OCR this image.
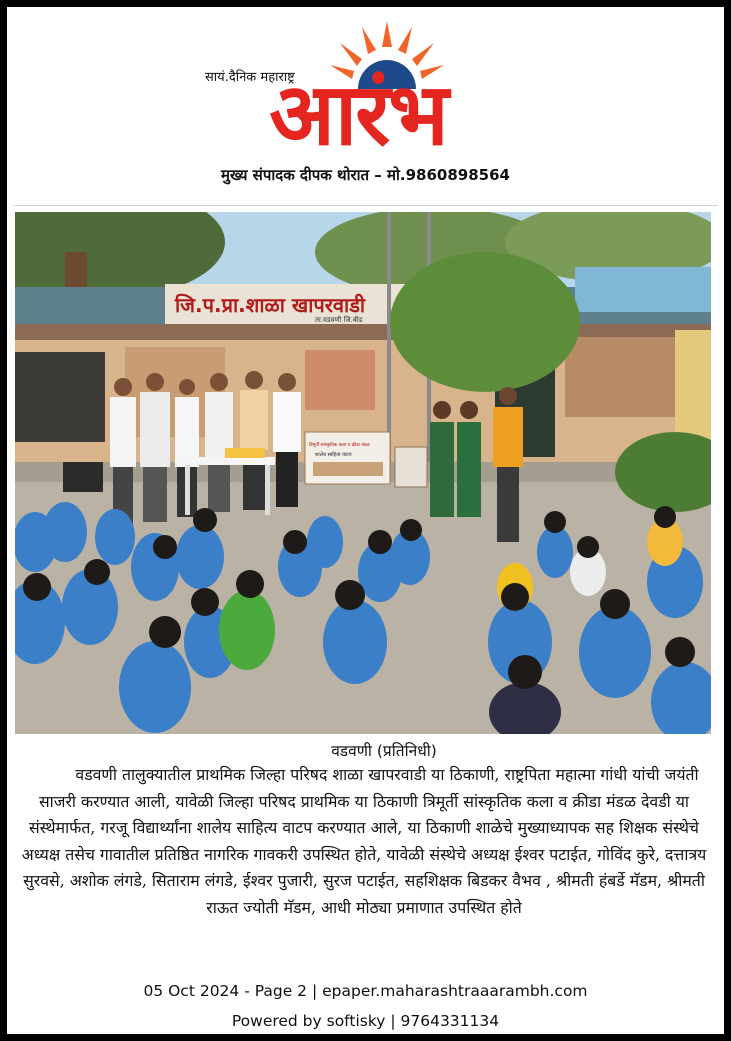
सायं.दैनिक महाराष्ट्र
आरंभ
मुख्य संपादक दीपक थोरात – मो.9860898564
जि.प.प्रा.शाळा खापरवाडी
ता.वडवणी जि.बीड
त्रिमूर्ती सांस्कृतिक कला व क्रीडा मंडळ
शालेय साहित्य वाटप
वडवणी (प्रतिनिधी)

वडवणी तालुक्यातील प्राथमिक जिल्हा परिषद शाळा खापरवाडी या ठिकाणी, राष्ट्रपिता महात्मा गांधी यांची जयंती साजरी करण्यात आली, यावेळी जिल्हा परिषद प्राथमिक या ठिकाणी त्रिमूर्ती सांस्कृतिक कला व क्रीडा मंडळ देवडी या संस्थेमार्फत, गरजू विद्यार्थ्यांना शालेय साहित्य वाटप करण्यात आले, या ठिकाणी शाळेचे मुख्याध्यापक सह शिक्षक संस्थेचे अध्यक्ष तसेच गावातील प्रतिष्ठित नागरिक गावकरी उपस्थित होते, यावेळी संस्थेचे अध्यक्ष ईश्वर पटाईत, गोविंद कुरे, दत्तात्रय सुरवसे, अशोक लंगडे, सिताराम लंगडे, ईश्वर पुजारी, सुरज पटाईत, सहशिक्षक बिडकर वैभव , श्रीमती हंबर्डे मॅडम, श्रीमती राऊत ज्योती मॅडम, आधी मोठ्या प्रमाणात उपस्थित होते

05 Oct 2024 - Page 2 | epaper.maharashtraaarambh.com
Powered by softisky | 9764331134
